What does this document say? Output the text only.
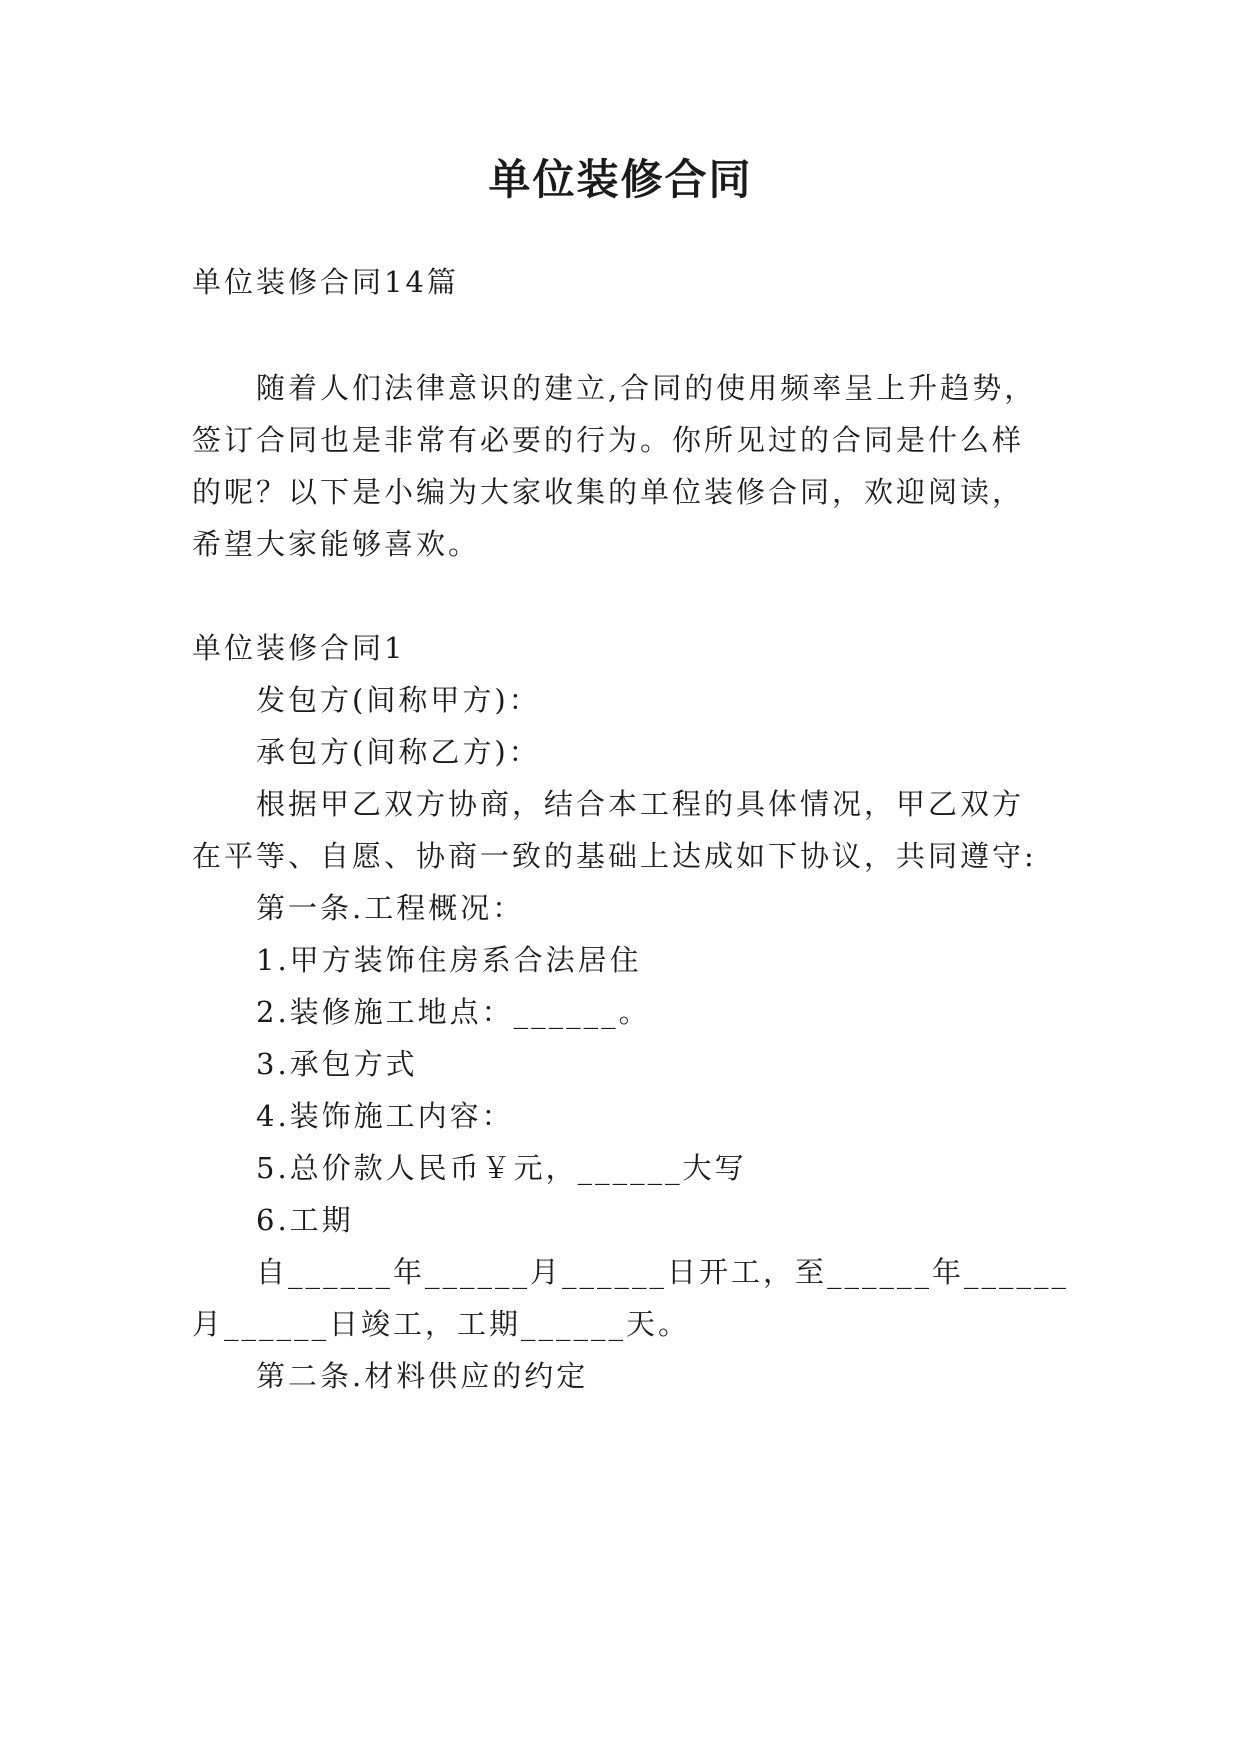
单位装修合同
单位装修合同14篇
随着人们法律意识的建立,合同的使用频率呈上升趋势，
签订合同也是非常有必要的行为。你所见过的合同是什么样
的呢？以下是小编为大家收集的单位装修合同，欢迎阅读，
希望大家能够喜欢。
单位装修合同1
发包方(间称甲方)：
承包方(间称乙方)：
根据甲乙双方协商，结合本工程的具体情况，甲乙双方
在平等、自愿、协商一致的基础上达成如下协议，共同遵守:
第一条.工程概况：
1.甲方装饰住房系合法居住
2.装修施工地点：______。
3.承包方式
4.装饰施工内容：
5.总价款人民币￥元，______大写
6.工期
自______年______月______日开工，至______年______
月______日竣工，工期______天。
第二条.材料供应的约定
